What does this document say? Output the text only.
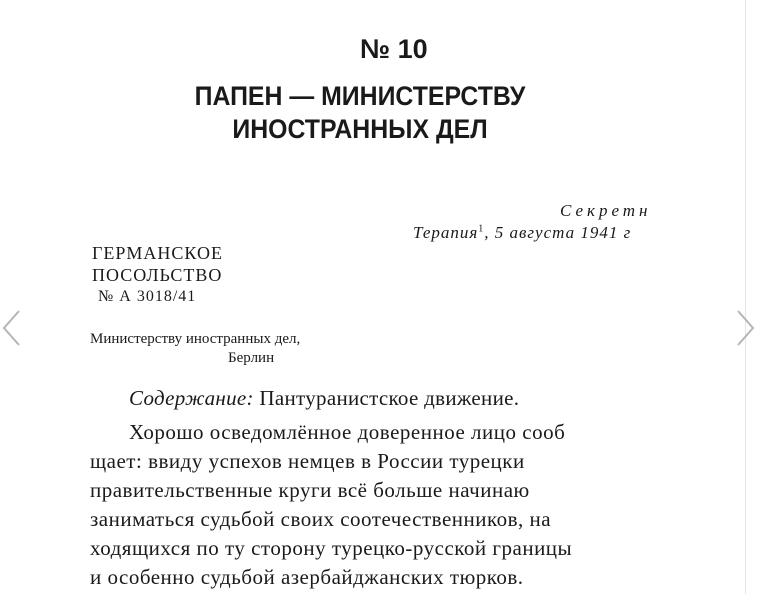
№ 10
ПАПЕН — МИНИСТЕРСТВУ
ИНОСТРАННЫХ ДЕЛ
Секретн
Терапия$^1$, 5 августа 1941 г
ГЕРМАНСКОЕ
ПОСОЛЬСТВО
№ А 3018/41
Министерству иностранных дел,
Берлин
Содержание: Пантуранистское движение.
Хорошо осведомлённое доверенное лицо сооб
щает: ввиду успехов немцев в России турецки
правительственные круги всё больше начинаю
заниматься судьбой своих соотечественников, на
ходящихся по ту сторону турецко-русской границы
и особенно судьбой азербайджанских тюрков.
